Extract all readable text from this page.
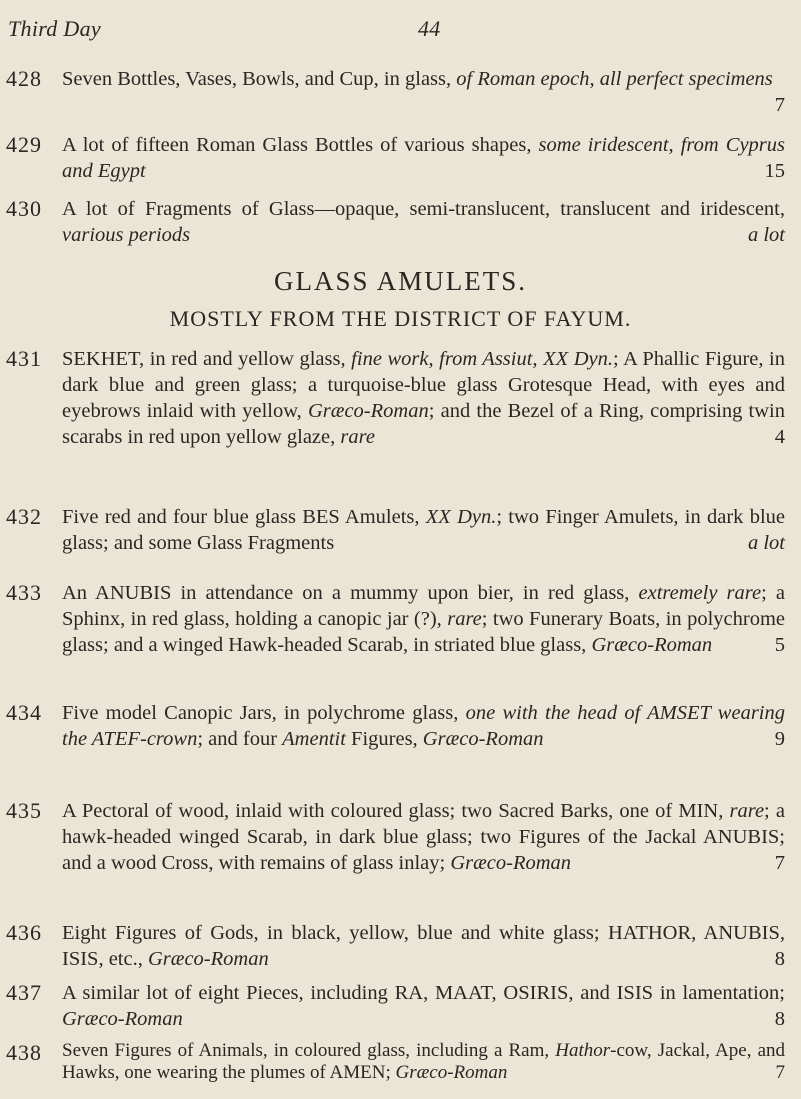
Third Day	44
428 Seven Bottles, Vases, Bowls, and Cup, in glass, of Roman epoch, all perfect specimens
7
429 A lot of fifteen Roman Glass Bottles of various shapes, some iridescent, from Cyprus and Egypt	15
430 A lot of Fragments of Glass—opaque, semi-translucent, translucent and iridescent, various periods	a lot
GLASS AMULETS.
MOSTLY FROM THE DISTRICT OF FAYUM.
431 SEKHET, in red and yellow glass, fine work, from Assiut, XX Dyn.; A Phallic Figure, in dark blue and green glass; a turquoise-blue glass Grotesque Head, with eyes and eyebrows inlaid with yellow, Græco-Roman; and the Bezel of a Ring, comprising twin scarabs in red upon yellow glaze, rare	4
432 Five red and four blue glass BES Amulets, XX Dyn.; two Finger Amulets, in dark blue glass; and some Glass Fragments	a lot
433 An ANUBIS in attendance on a mummy upon bier, in red glass, extremely rare; a Sphinx, in red glass, holding a canopic jar (?), rare; two Funerary Boats, in polychrome glass; and a winged Hawk-headed Scarab, in striated blue glass, Græco-Roman	5
434 Five model Canopic Jars, in polychrome glass, one with the head of AMSET wearing the ATEF-crown; and four Amentit Figures, Græco-Roman	9
435 A Pectoral of wood, inlaid with coloured glass; two Sacred Barks, one of MIN, rare; a hawk-headed winged Scarab, in dark blue glass; two Figures of the Jackal ANUBIS; and a wood Cross, with remains of glass inlay; Græco-Roman	7
436 Eight Figures of Gods, in black, yellow, blue and white glass; HATHOR, ANUBIS, ISIS, etc., Græco-Roman	8
437 A similar lot of eight Pieces, including RA, MAAT, OSIRIS, and ISIS in lamentation; Græco-Roman	8
438 Seven Figures of Animals, in coloured glass, including a Ram, Hathor-cow, Jackal, Ape, and Hawks, one wearing the plumes of AMEN; Græco-Roman	7
